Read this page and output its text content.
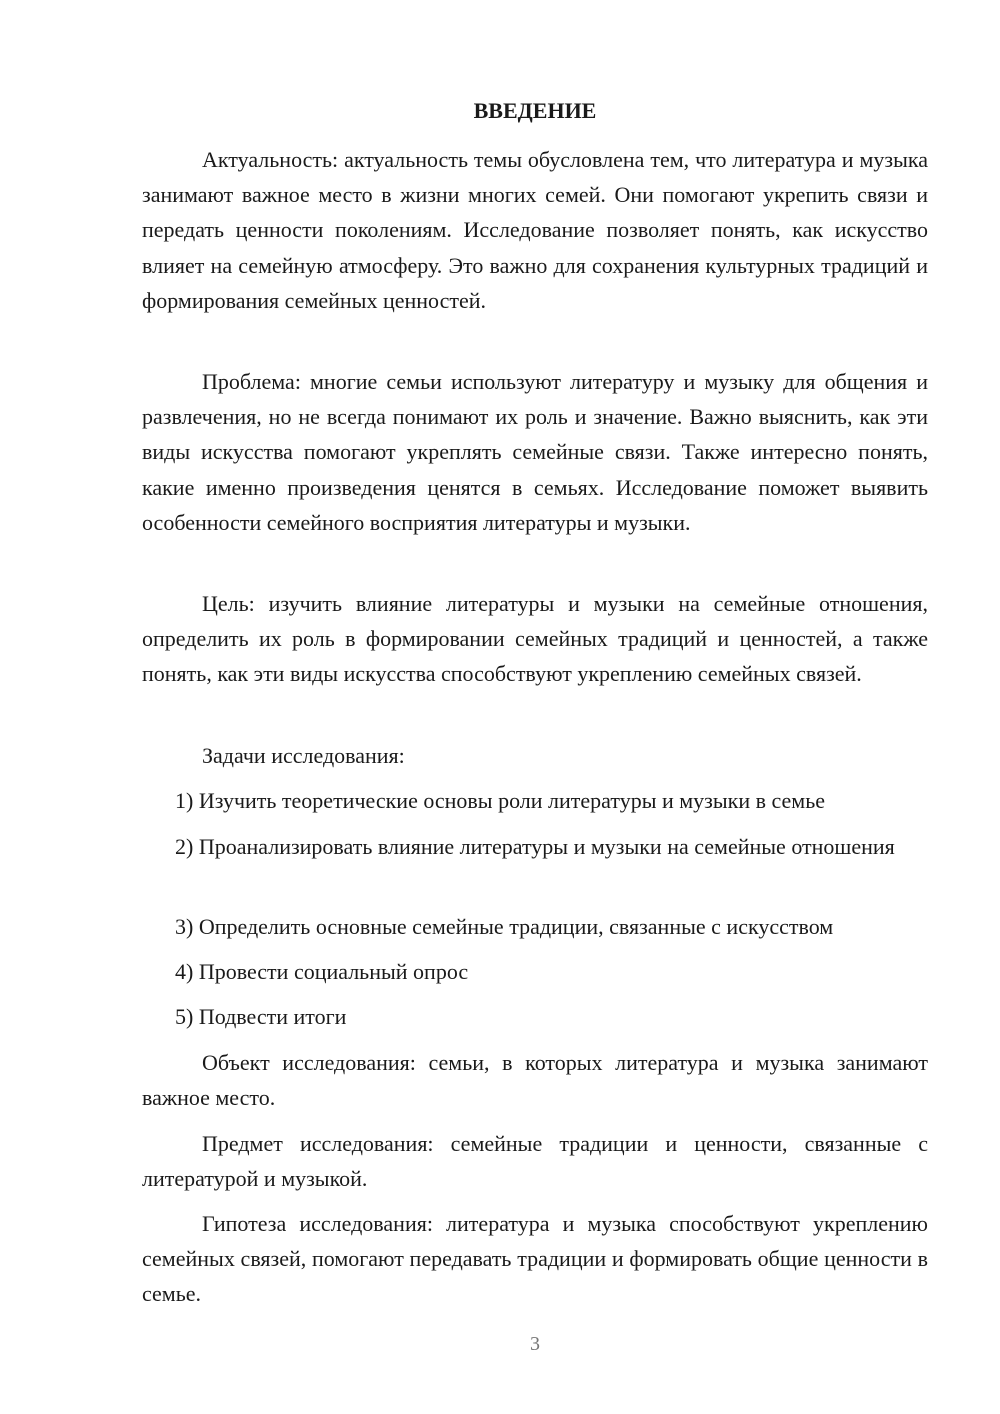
ВВЕДЕНИЕ

Актуальность: актуальность темы обусловлена тем, что литература и музыка занимают важное место в жизни многих семей. Они помогают укрепить связи и передать ценности поколениям. Исследование позволяет понять, как искусство влияет на семейную атмосферу. Это важно для сохранения культурных традиций и формирования семейных ценностей.

Проблема: многие семьи используют литературу и музыку для общения и развлечения, но не всегда понимают их роль и значение. Важно выяснить, как эти виды искусства помогают укреплять семейные связи. Также интересно понять, какие именно произведения ценятся в семьях. Исследование поможет выявить особенности семейного восприятия литературы и музыки.

Цель: изучить влияние литературы и музыки на семейные отношения, определить их роль в формировании семейных традиций и ценностей, а также понять, как эти виды искусства способствуют укреплению семейных связей.

Задачи исследования:

1) Изучить теоретические основы роли литературы и музыки в семье

2) Проанализировать влияние литературы и музыки на семейные отношения

3) Определить основные семейные традиции, связанные с искусством

4) Провести социальный опрос

5) Подвести итоги

Объект исследования: семьи, в которых литература и музыка занимают важное место.

Предмет исследования: семейные традиции и ценности, связанные с литературой и музыкой.

Гипотеза исследования: литература и музыка способствуют укреплению семейных связей, помогают передавать традиции и формировать общие ценности в семье.

3
